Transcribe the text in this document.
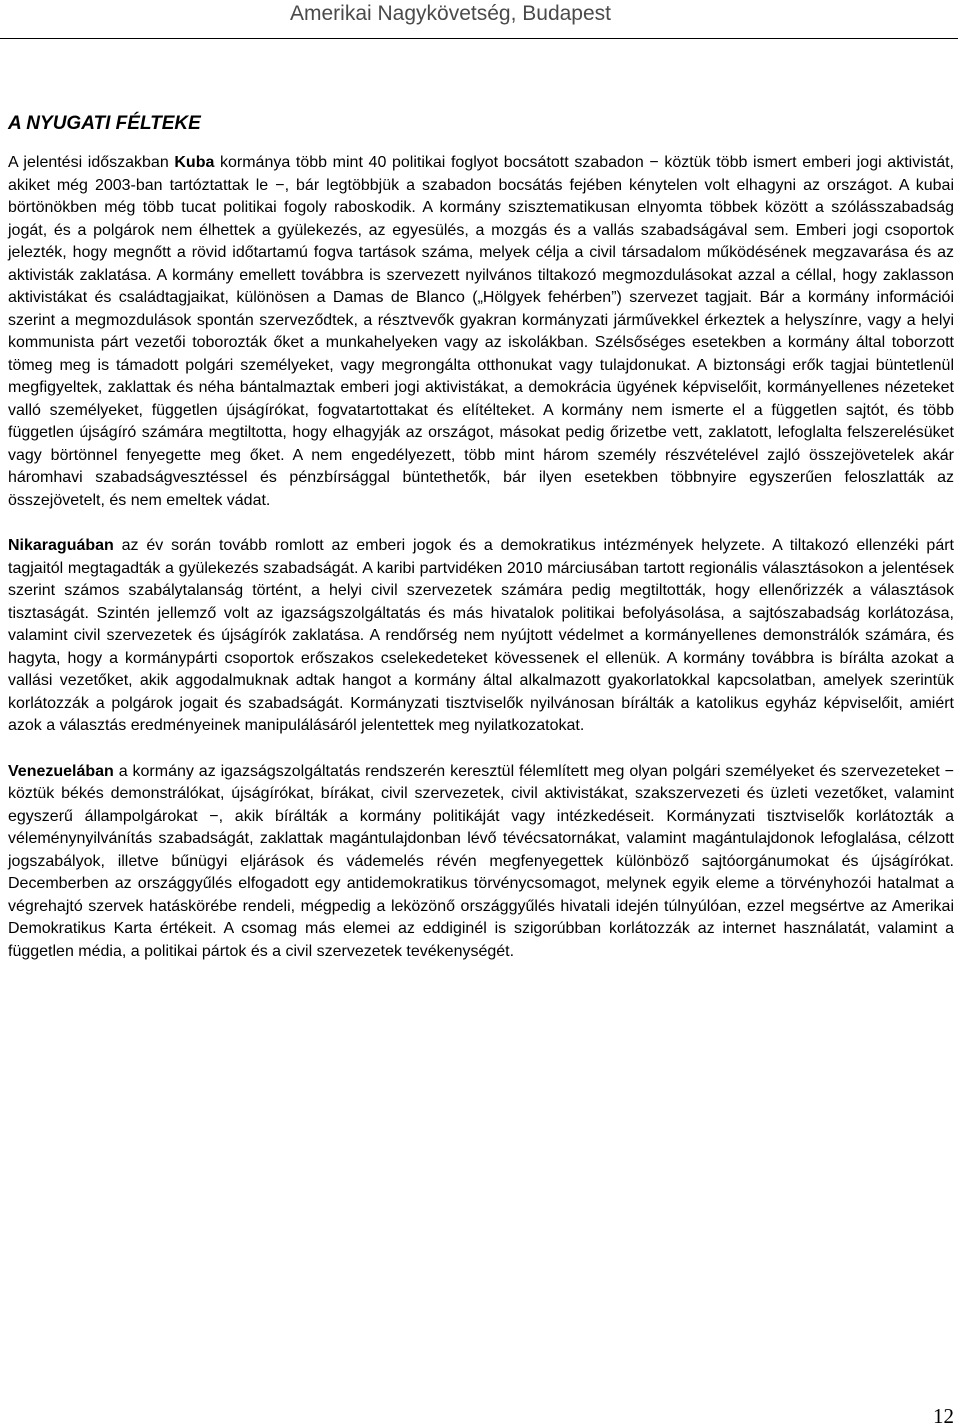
Amerikai Nagykövetség, Budapest
A NYUGATI FÉLTEKE

A jelentési időszakban Kuba kormánya több mint 40 politikai foglyot bocsátott szabadon − köztük több ismert emberi jogi aktivistát, akiket még 2003-ban tartóztattak le −, bár legtöbbjük a szabadon bocsátás fejében kénytelen volt elhagyni az országot. A kubai börtönökben még több tucat politikai fogoly raboskodik. A kormány szisztematikusan elnyomta többek között a szólásszabadság jogát, és a polgárok nem élhettek a gyülekezés, az egyesülés, a mozgás és a vallás szabadságával sem. Emberi jogi csoportok jelezték, hogy megnőtt a rövid időtartamú fogva tartások száma, melyek célja a civil társadalom működésének megzavarása és az aktivisták zaklatása. A kormány emellett továbbra is szervezett nyilvános tiltakozó megmozdulásokat azzal a céllal, hogy zaklasson aktivistákat és családtagjaikat, különösen a Damas de Blanco („Hölgyek fehérben”) szervezet tagjait. Bár a kormány információi szerint a megmozdulások spontán szerveződtek, a résztvevők gyakran kormányzati járművekkel érkeztek a helyszínre, vagy a helyi kommunista párt vezetői toborozták őket a munkahelyeken vagy az iskolákban. Szélsőséges esetekben a kormány által toborzott tömeg meg is támadott polgári személyeket, vagy megrongálta otthonukat vagy tulajdonukat. A biztonsági erők tagjai büntetlenül megfigyeltek, zaklattak és néha bántalmaztak emberi jogi aktivistákat, a demokrácia ügyének képviselőit, kormányellenes nézeteket valló személyeket, független újságírókat, fogvatartottakat és elítélteket. A kormány nem ismerte el a független sajtót, és több független újságíró számára megtiltotta, hogy elhagyják az országot, másokat pedig őrizetbe vett, zaklatott, lefoglalta felszerelésüket vagy börtönnel fenyegette meg őket. A nem engedélyezett, több mint három személy részvételével zajló összejövetelek akár háromhavi szabadságvesztéssel és pénzbírsággal büntethetők, bár ilyen esetekben többnyire egyszerűen feloszlatták az összejövetelt, és nem emeltek vádat.

Nikaraguában az év során tovább romlott az emberi jogok és a demokratikus intézmények helyzete. A tiltakozó ellenzéki párt tagjaitól megtagadták a gyülekezés szabadságát. A karibi partvidéken 2010 márciusában tartott regionális választásokon a jelentések szerint számos szabálytalanság történt, a helyi civil szervezetek számára pedig megtiltották, hogy ellenőrizzék a választások tisztaságát. Szintén jellemző volt az igazságszolgáltatás és más hivatalok politikai befolyásolása, a sajtószabadság korlátozása, valamint civil szervezetek és újságírók zaklatása. A rendőrség nem nyújtott védelmet a kormányellenes demonstrálók számára, és hagyta, hogy a kormánypárti csoportok erőszakos cselekedeteket kövessenek el ellenük. A kormány továbbra is bírálta azokat a vallási vezetőket, akik aggodalmuknak adtak hangot a kormány által alkalmazott gyakorlatokkal kapcsolatban, amelyek szerintük korlátozzák a polgárok jogait és szabadságát. Kormányzati tisztviselők nyilvánosan bírálták a katolikus egyház képviselőit, amiért azok a választás eredményeinek manipulálásáról jelentettek meg nyilatkozatokat.

Venezuelában a kormány az igazságszolgáltatás rendszerén keresztül félemlített meg olyan polgári személyeket és szervezeteket − köztük békés demonstrálókat, újságírókat, bírákat, civil szervezetek, civil aktivistákat, szakszervezeti és üzleti vezetőket, valamint egyszerű állampolgárokat −, akik bírálták a kormány politikáját vagy intézkedéseit. Kormányzati tisztviselők korlátozták a véleménynyilvánítás szabadságát, zaklattak magántulajdonban lévő tévécsatornákat, valamint magántulajdonok lefoglalása, célzott jogszabályok, illetve bűnügyi eljárások és vádemelés révén megfenyegettek különböző sajtóorgánumokat és újságírókat. Decemberben az országgyűlés elfogadott egy antidemokratikus törvénycsomagot, melynek egyik eleme a törvényhozói hatalmat a végrehajtó szervek hatáskörébe rendeli, mégpedig a leközönő országgyűlés hivatali idején túlnyúlóan, ezzel megsértve az Amerikai Demokratikus Karta értékeit. A csomag más elemei az eddiginél is szigorúbban korlátozzák az internet használatát, valamint a független média, a politikai pártok és a civil szervezetek tevékenységét.

12
